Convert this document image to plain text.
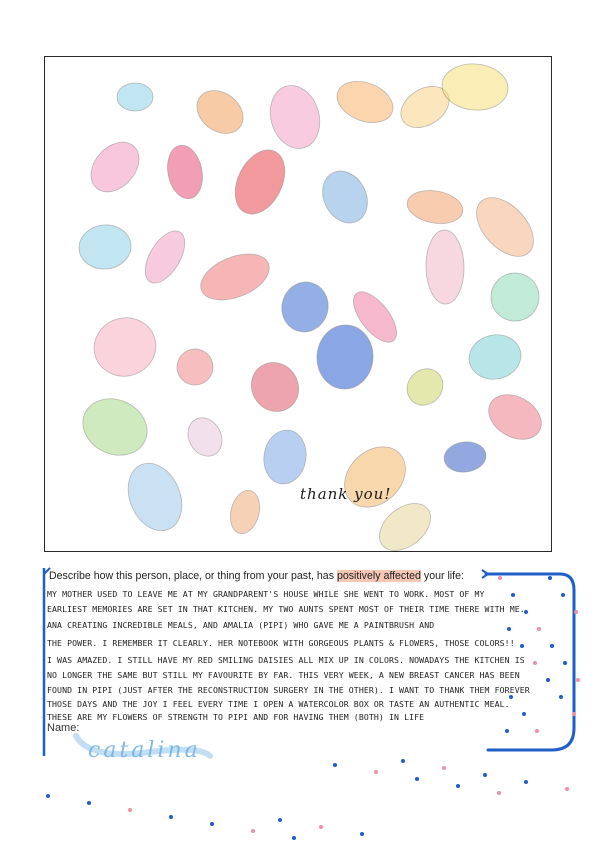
thank you!
Describe how this person, place, or thing from your past, has positively affected your life:
MY MOTHER USED TO LEAVE ME AT MY GRANDPARENT'S HOUSE WHILE SHE WENT TO WORK. MOST OF MY
EARLIEST MEMORIES ARE SET IN THAT KITCHEN. MY TWO AUNTS SPENT MOST OF THEIR TIME THERE WITH ME.
ANA CREATING INCREDIBLE MEALS, AND AMALIA (PIPI) WHO GAVE ME A PAINTBRUSH AND
THE POWER. I REMEMBER IT CLEARLY. HER NOTEBOOK WITH GORGEOUS PLANTS & FLOWERS, THOSE COLORS!!
I WAS AMAZED. I STILL HAVE MY RED SMILING DAISIES ALL MIX UP IN COLORS. NOWADAYS THE KITCHEN IS
NO LONGER THE SAME BUT STILL MY FAVOURITE BY FAR. THIS VERY WEEK, A NEW BREAST CANCER HAS BEEN
FOUND IN PIPI (JUST AFTER THE RECONSTRUCTION SURGERY IN THE OTHER). I WANT TO THANK THEM FOREVER
THOSE DAYS AND THE JOY I FEEL EVERY TIME I OPEN A WATERCOLOR BOX OR TASTE AN AUTHENTIC MEAL.
THESE ARE MY FLOWERS OF STRENGTH TO PIPI AND FOR HAVING THEM (BOTH) IN LIFE
Name:
catalina
